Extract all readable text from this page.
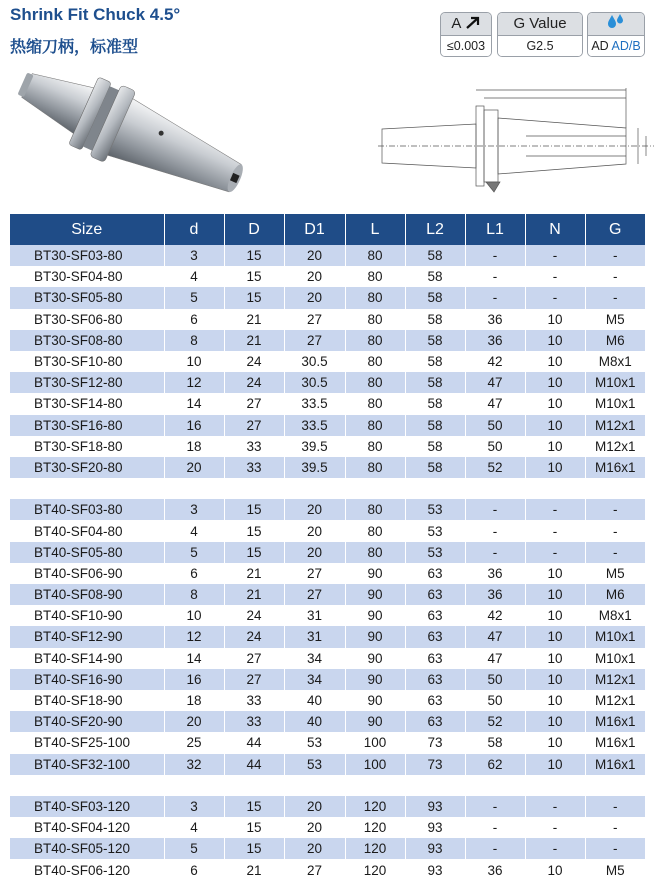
Shrink Fit Chuck 4.5°
热缩刀柄，标准型
A
≤0.003
G Value
G2.5	AD AD/B
Size	d	D	D1	L	L2	L1	N	G
BT30-SF03-80	3	15	20	80	58	-	-	-
BT30-SF04-80	4	15	20	80	58	-	-	-
BT30-SF05-80	5	15	20	80	58	-	-	-
BT30-SF06-80	6	21	27	80	58	36	10	M5
BT30-SF08-80	8	21	27	80	58	36	10	M6
BT30-SF10-80	10	24	30.5	80	58	42	10	M8x1
BT30-SF12-80	12	24	30.5	80	58	47	10	M10x1
BT30-SF14-80	14	27	33.5	80	58	47	10	M10x1
BT30-SF16-80	16	27	33.5	80	58	50	10	M12x1
BT30-SF18-80	18	33	39.5	80	58	50	10	M12x1
BT30-SF20-80	20	33	39.5	80	58	52	10	M16x1

BT40-SF03-80	3	15	20	80	53	-	-	-
BT40-SF04-80	4	15	20	80	53	-	-	-
BT40-SF05-80	5	15	20	80	53	-	-	-
BT40-SF06-90	6	21	27	90	63	36	10	M5
BT40-SF08-90	8	21	27	90	63	36	10	M6
BT40-SF10-90	10	24	31	90	63	42	10	M8x1
BT40-SF12-90	12	24	31	90	63	47	10	M10x1
BT40-SF14-90	14	27	34	90	63	47	10	M10x1
BT40-SF16-90	16	27	34	90	63	50	10	M12x1
BT40-SF18-90	18	33	40	90	63	50	10	M12x1
BT40-SF20-90	20	33	40	90	63	52	10	M16x1
BT40-SF25-100	25	44	53	100	73	58	10	M16x1
BT40-SF32-100	32	44	53	100	73	62	10	M16x1

BT40-SF03-120	3	15	20	120	93	-	-	-
BT40-SF04-120	4	15	20	120	93	-	-	-
BT40-SF05-120	5	15	20	120	93	-	-	-
BT40-SF06-120	6	21	27	120	93	36	10	M5
